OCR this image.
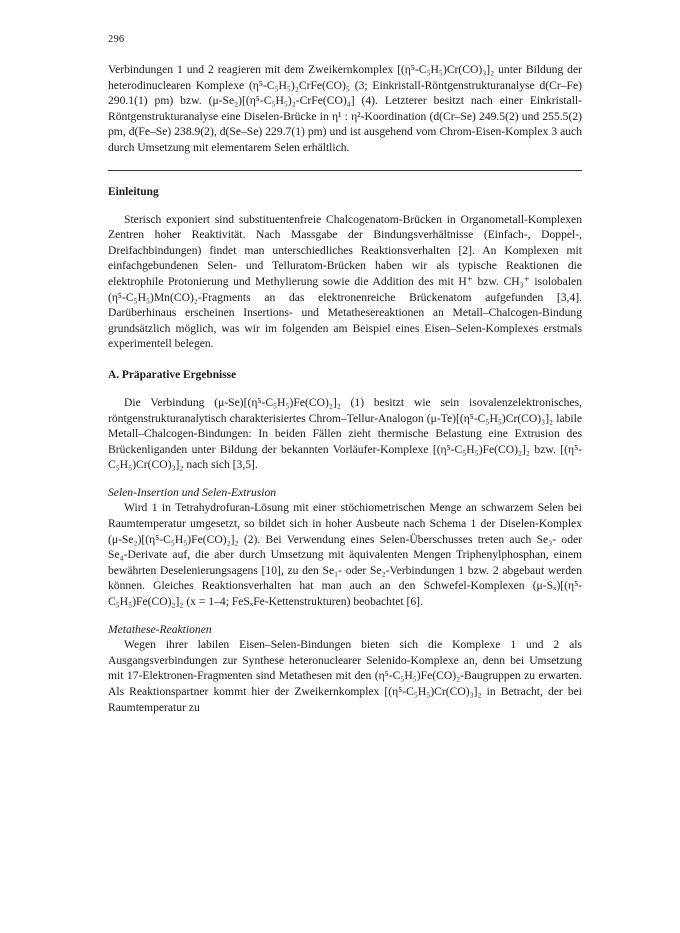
296

Verbindungen 1 und 2 reagieren mit dem Zweikernkomplex [(η⁵-C₅H₅)Cr(CO)₃]₂ unter Bildung der heterodinuclearen Komplexe (η⁵-C₅H₅)₂CrFe(CO)₅ (3; Einkristall-Röntgenstrukturanalyse d(Cr–Fe) 290.1(1) pm) bzw. (μ-Se₂)[(η⁵-C₅H₅)₂-CrFe(CO)₄] (4). Letzterer besitzt nach einer Einkristall-Röntgenstrukturanalyse eine Diselen-Brücke in η¹ : η²-Koordination (d(Cr–Se) 249.5(2) und 255.5(2) pm, d(Fe–Se) 238.9(2), d(Se–Se) 229.7(1) pm) und ist ausgehend vom Chrom-Eisen-Komplex 3 auch durch Umsetzung mit elementarem Selen erhältlich.

Einleitung

Sterisch exponiert sind substituentenfreie Chalcogenatom-Brücken in Organometall-Komplexen Zentren hoher Reaktivität. Nach Massgabe der Bindungsverhältnisse (Einfach-, Doppel-, Dreifachbindungen) findet man unterschiedliches Reaktionsverhalten [2]. An Komplexen mit einfachgebundenen Selen- und Telluratom-Brücken haben wir als typische Reaktionen die elektrophile Protonierung und Methylierung sowie die Addition des mit H⁺ bzw. CH₃⁺ isolobalen (η⁵-C₅H₅)Mn(CO)₂-Fragments an das elektronenreiche Brückenatom aufgefunden [3,4]. Darüberhinaus erscheinen Insertions- und Metathesereaktionen an Metall–Chalcogen-Bindung grundsätzlich möglich, was wir im folgenden am Beispiel eines Eisen–Selen-Komplexes erstmals experimentell belegen.

A. Präparative Ergebnisse

Die Verbindung (μ-Se)[(η⁵-C₅H₅)Fe(CO)₂]₂ (1) besitzt wie sein isovalenzelektronisches, röntgenstrukturanalytisch charakterisiertes Chrom–Tellur-Analogon (μ-Te)[(η⁵-C₅H₅)Cr(CO)₃]₂ labile Metall–Chalcogen-Bindungen: In beiden Fällen zieht thermische Belastung eine Extrusion des Brückenliganden unter Bildung der bekannten Vorläufer-Komplexe [(η⁵-C₅H₅)Fe(CO)₂]₂ bzw. [(η⁵-C₅H₅)Cr(CO)₃]₂ nach sich [3,5].

Selen-Insertion und Selen-Extrusion

Wird 1 in Tetrahydrofuran-Lösung mit einer stöchiometrischen Menge an schwarzem Selen bei Raumtemperatur umgesetzt, so bildet sich in hoher Ausbeute nach Schema 1 der Diselen-Komplex (μ-Se₂)[(η⁵-C₅H₅)Fe(CO)₂]₂ (2). Bei Verwendung eines Selen-Überschusses treten auch Se₃- oder Se₄-Derivate auf, die aber durch Umsetzung mit äquivalenten Mengen Triphenylphosphan, einem bewährten Deselenierungsagens [10], zu den Se₁- oder Se₂-Verbindungen 1 bzw. 2 abgebaut werden können. Gleiches Reaktionsverhalten hat man auch an den Schwefel-Komplexen (μ-Sₓ)[(η⁵-C₅H₅)Fe(CO)₂]₂ (x = 1–4; FeSₓFe-Kettenstrukturen) beobachtet [6].

Metathese-Reaktionen

Wegen ihrer labilen Eisen–Selen-Bindungen bieten sich die Komplexe 1 und 2 als Ausgangsverbindungen zur Synthese heteronuclearer Selenido-Komplexe an, denn bei Umsetzung mit 17-Elektronen-Fragmenten sind Metathesen mit den (η⁵-C₅H₅)Fe(CO)₂-Baugruppen zu erwarten. Als Reaktionspartner kommt hier der Zweikernkomplex [(η⁵-C₅H₅)Cr(CO)₃]₂ in Betracht, der bei Raumtemperatur zu
